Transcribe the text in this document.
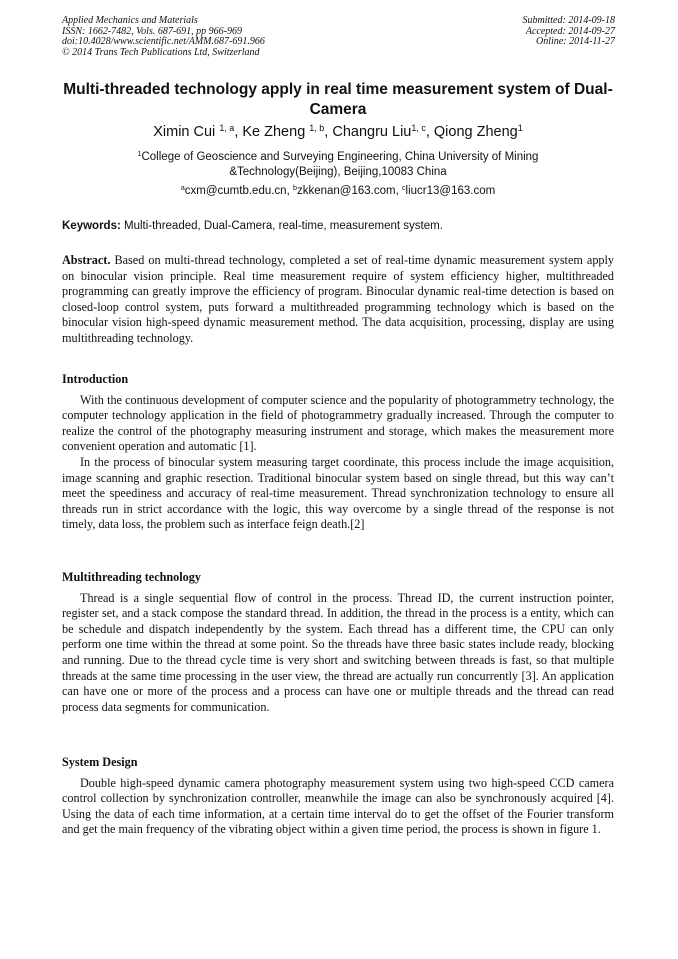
Applied Mechanics and Materials
ISSN: 1662-7482, Vols. 687-691, pp 966-969
doi:10.4028/www.scientific.net/AMM.687-691.966
© 2014 Trans Tech Publications Ltd, Switzerland
Submitted: 2014-09-18
Accepted: 2014-09-27
Online: 2014-11-27
Multi-threaded technology apply in real time measurement system of Dual-Camera
Ximin Cui $^{1, a}$, Ke Zheng $^{1, b}$, Changru Liu$^{1, c}$, Qiong Zheng$^1$
$^1$College of Geoscience and Surveying Engineering, China University of Mining &Technology(Beijing), Beijing,10083 China
$^a$cxm@cumtb.edu.cn, $^b$zkkenan@163.com, $^c$liucr13@163.com
Keywords: Multi-threaded, Dual-Camera, real-time, measurement system.
Abstract. Based on multi-thread technology, completed a set of real-time dynamic measurement system apply on binocular vision principle. Real time measurement require of system efficiency higher, multithreaded programming can greatly improve the efficiency of program. Binocular dynamic real-time detection is based on closed-loop control system, puts forward a multithreaded programming technology which is based on the binocular vision high-speed dynamic measurement method. The data acquisition, processing, display are using multithreading technology.
Introduction

With the continuous development of computer science and the popularity of photogrammetry technology, the computer technology application in the field of photogrammetry gradually increased. Through the computer to realize the control of the photography measuring instrument and storage, which makes the measurement more convenient operation and automatic [1].

In the process of binocular system measuring target coordinate, this process include the image acquisition, image scanning and graphic resection. Traditional binocular system based on single thread, but this way can’t meet the speediness and accuracy of real-time measurement. Thread synchronization technology to ensure all threads run in strict accordance with the logic, this way overcome by a single thread of the response is not timely, data loss, the problem such as interface feign death.[2]

Multithreading technology

Thread is a single sequential flow of control in the process. Thread ID, the current instruction pointer, register set, and a stack compose the standard thread. In addition, the thread in the process is a entity, which can be schedule and dispatch independently by the system. Each thread has a different time, the CPU can only perform one time within the thread at some point. So the threads have three basic states include ready, blocking and running. Due to the thread cycle time is very short and switching between threads is fast, so that multiple threads at the same time processing in the user view, the thread are actually run concurrently [3]. An application can have one or more of the process and a process can have one or multiple threads and the thread can read process data segments for communication.

System Design

Double high-speed dynamic camera photography measurement system using two high-speed CCD camera control collection by synchronization controller, meanwhile the image can also be synchronously acquired [4]. Using the data of each time information, at a certain time interval do to get the offset of the Fourier transform and get the main frequency of the vibrating object within a given time period, the process is shown in figure 1.
